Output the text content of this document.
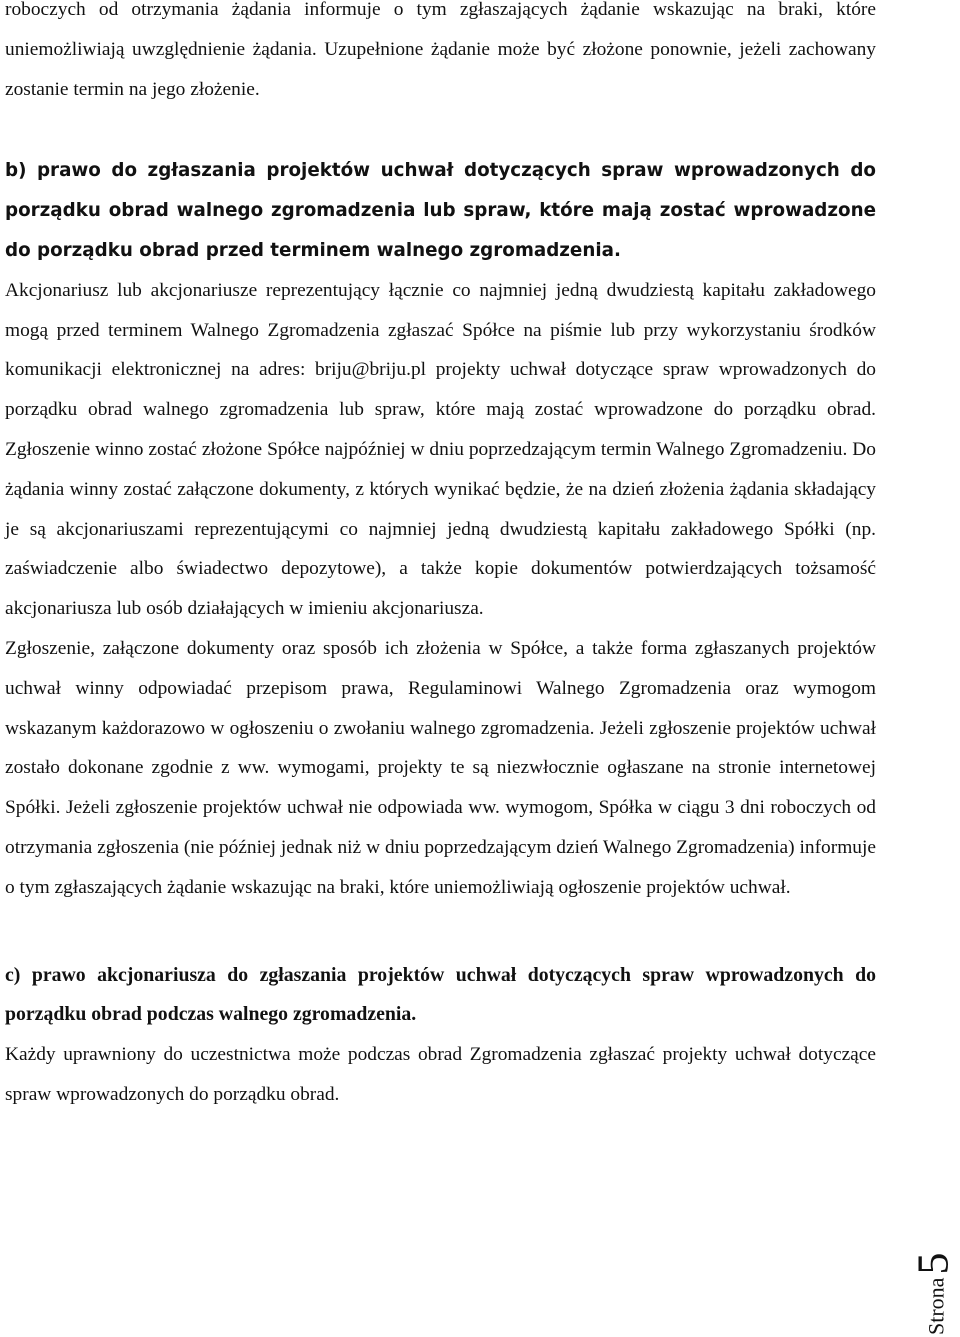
roboczych od otrzymania żądania informuje o tym zgłaszających żądanie wskazując na braki, które uniemożliwiają uwzględnienie żądania. Uzupełnione żądanie może być złożone ponownie, jeżeli zachowany zostanie termin na jego złożenie.

b) prawo do zgłaszania projektów uchwał dotyczących spraw wprowadzonych do porządku obrad walnego zgromadzenia lub spraw, które mają zostać wprowadzone do porządku obrad przed terminem walnego zgromadzenia.

Akcjonariusz lub akcjonariusze reprezentujący łącznie co najmniej jedną dwudziestą kapitału zakładowego mogą przed terminem Walnego Zgromadzenia zgłaszać Spółce na piśmie lub przy wykorzystaniu środków komunikacji elektronicznej na adres: briju@briju.pl projekty uchwał dotyczące spraw wprowadzonych do porządku obrad walnego zgromadzenia lub spraw, które mają zostać wprowadzone do porządku obrad. Zgłoszenie winno zostać złożone Spółce najpóźniej w dniu poprzedzającym termin Walnego Zgromadzeniu. Do żądania winny zostać załączone dokumenty, z których wynikać będzie, że na dzień złożenia żądania składający je są akcjonariuszami reprezentującymi co najmniej jedną dwudziestą kapitału zakładowego Spółki (np. zaświadczenie albo świadectwo depozytowe), a także kopie dokumentów potwierdzających tożsamość akcjonariusza lub osób działających w imieniu akcjonariusza.

Zgłoszenie, załączone dokumenty oraz sposób ich złożenia w Spółce, a także forma zgłaszanych projektów uchwał winny odpowiadać przepisom prawa, Regulaminowi Walnego Zgromadzenia oraz wymogom wskazanym każdorazowo w ogłoszeniu o zwołaniu walnego zgromadzenia. Jeżeli zgłoszenie projektów uchwał zostało dokonane zgodnie z ww. wymogami, projekty te są niezwłocznie ogłaszane na stronie internetowej Spółki. Jeżeli zgłoszenie projektów uchwał nie odpowiada ww. wymogom, Spółka w ciągu 3 dni roboczych od otrzymania zgłoszenia (nie później jednak niż w dniu poprzedzającym dzień Walnego Zgromadzenia) informuje o tym zgłaszających żądanie wskazując na braki, które uniemożliwiają ogłoszenie projektów uchwał.

c) prawo akcjonariusza do zgłaszania projektów uchwał dotyczących spraw wprowadzonych do porządku obrad podczas walnego zgromadzenia.

Każdy uprawniony do uczestnictwa może podczas obrad Zgromadzenia zgłaszać projekty uchwał dotyczące spraw wprowadzonych do porządku obrad.

Strona5
